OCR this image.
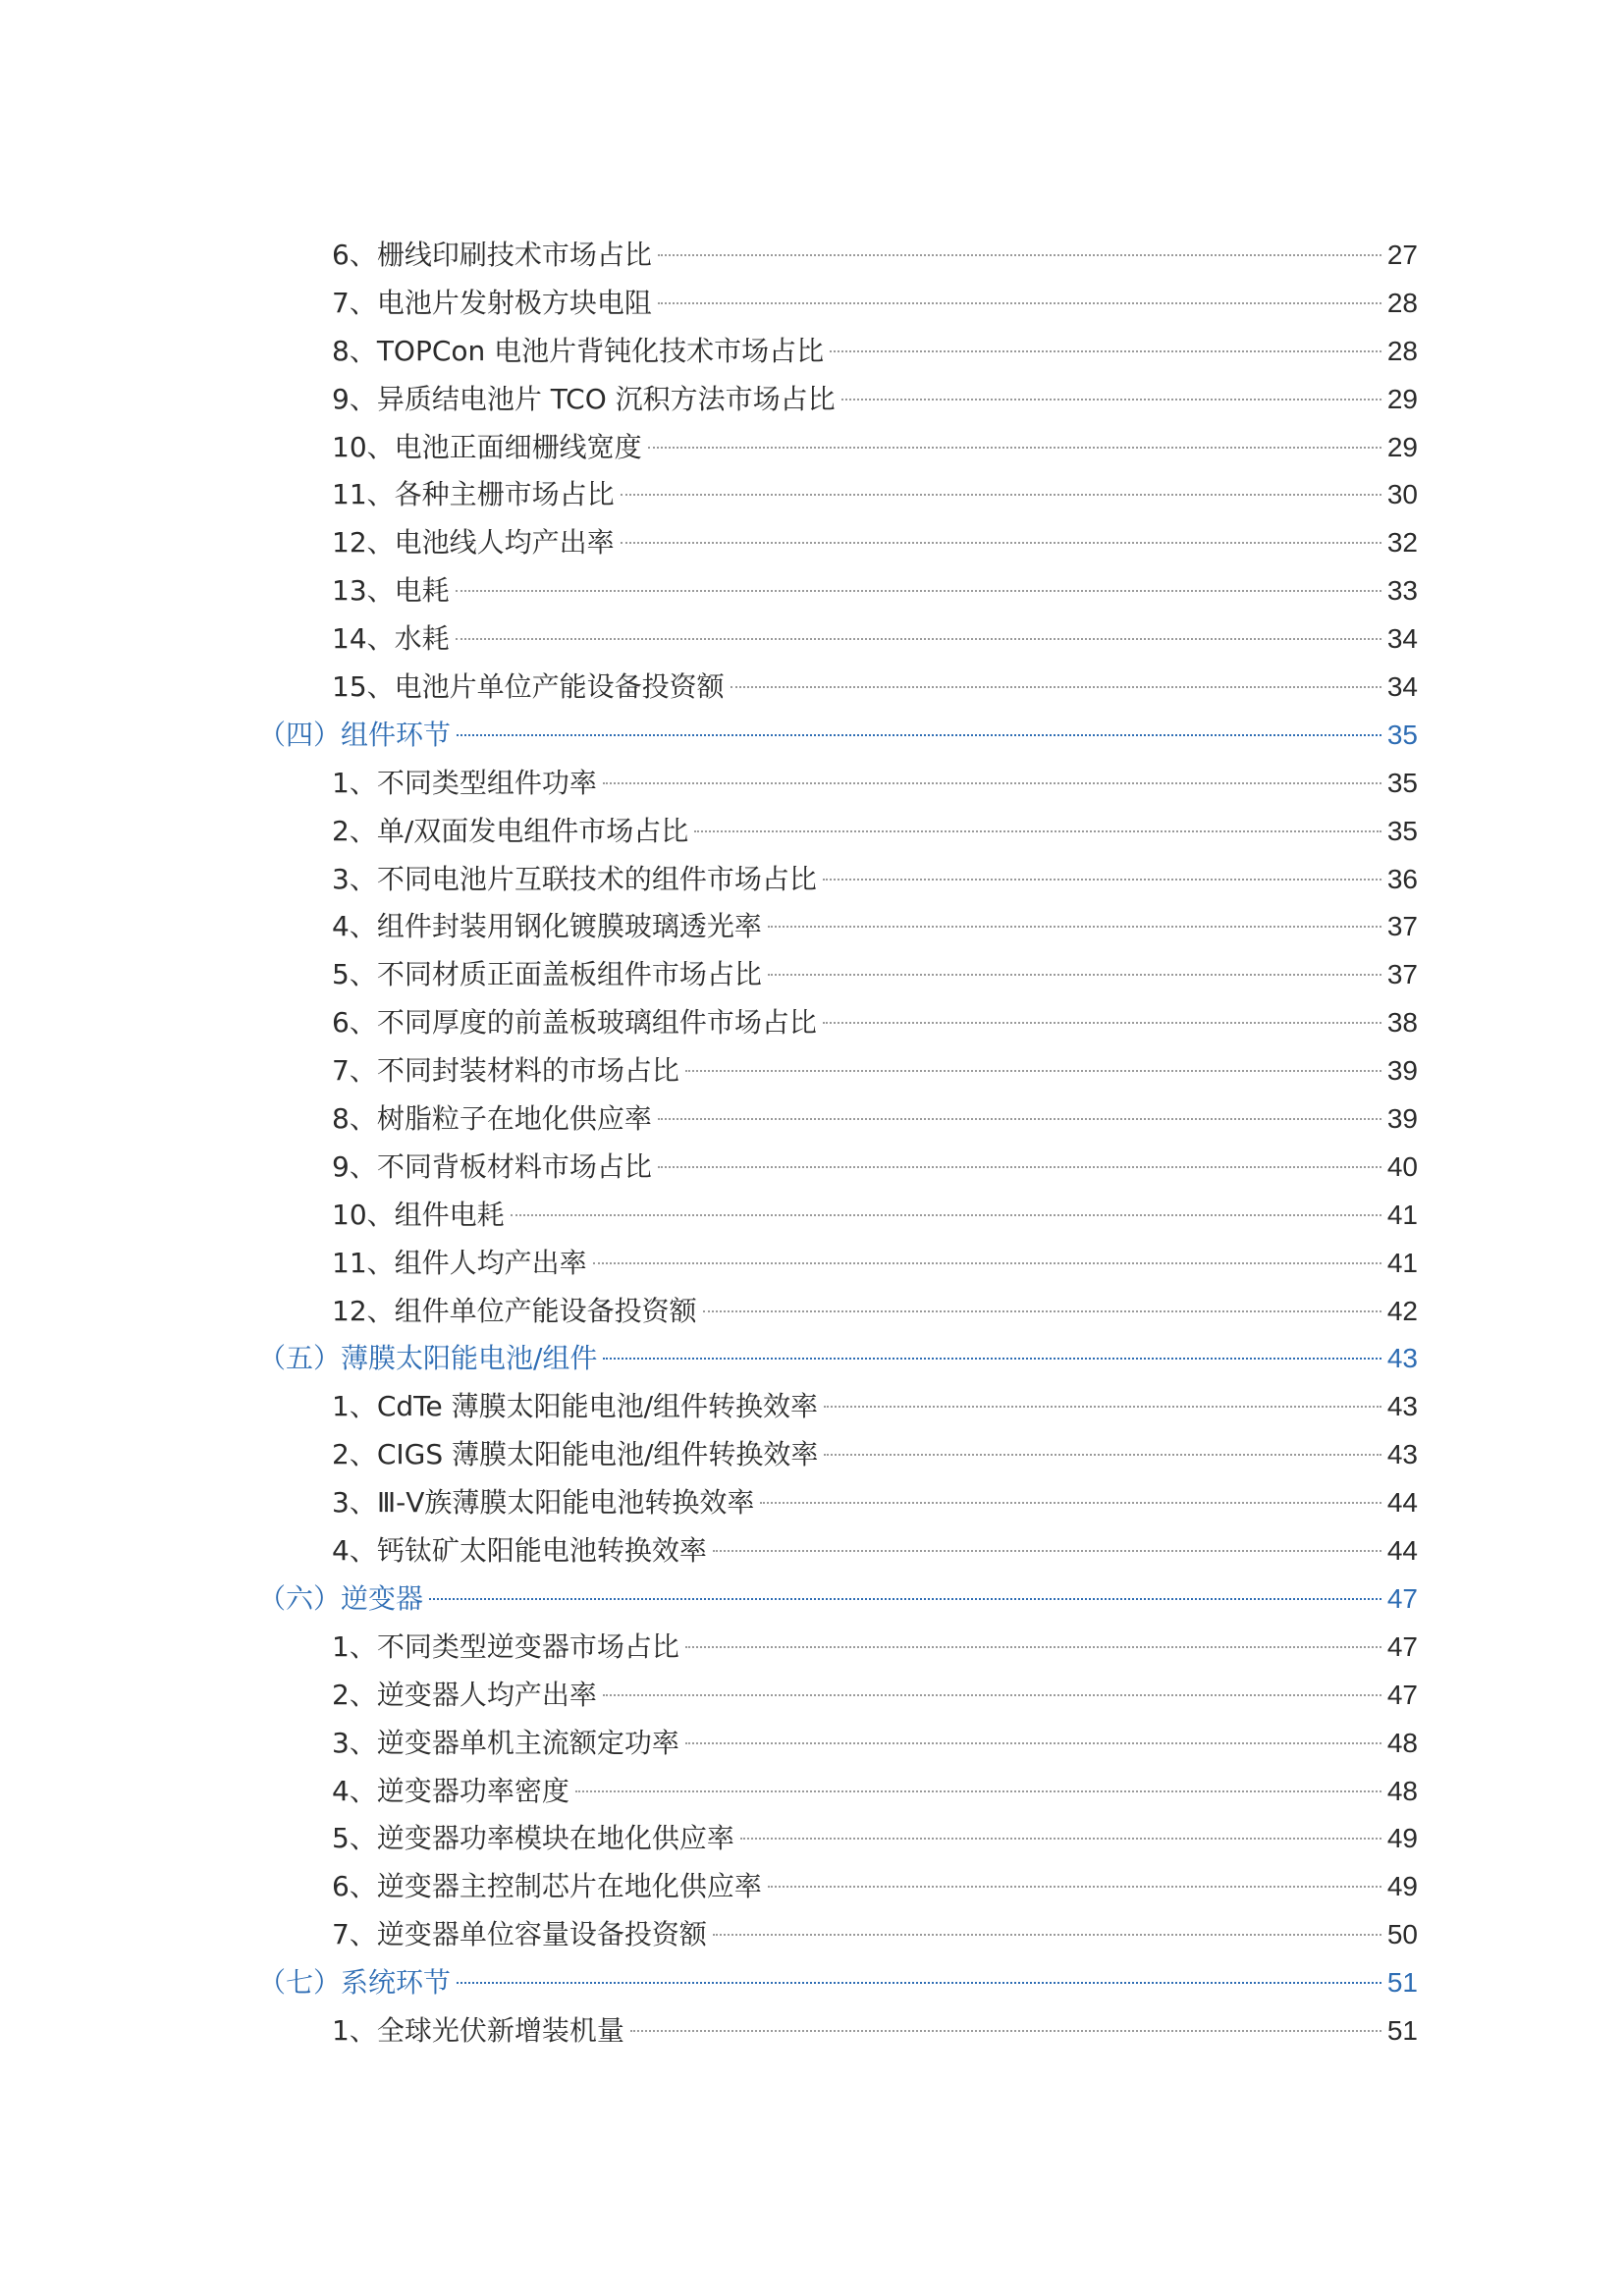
6、栅线印刷技术市场占比	27
7、电池片发射极方块电阻	28
8、TOPCon 电池片背钝化技术市场占比	28
9、异质结电池片 TCO 沉积方法市场占比	29
10、电池正面细栅线宽度	29
11、各种主栅市场占比	30
12、电池线人均产出率	32
13、电耗	33
14、水耗	34
15、电池片单位产能设备投资额	34
（四）组件环节	35
1、不同类型组件功率	35
2、单/双面发电组件市场占比	35
3、不同电池片互联技术的组件市场占比	36
4、组件封装用钢化镀膜玻璃透光率	37
5、不同材质正面盖板组件市场占比	37
6、不同厚度的前盖板玻璃组件市场占比	38
7、不同封装材料的市场占比	39
8、树脂粒子在地化供应率	39
9、不同背板材料市场占比	40
10、组件电耗	41
11、组件人均产出率	41
12、组件单位产能设备投资额	42
（五）薄膜太阳能电池/组件	43
1、CdTe 薄膜太阳能电池/组件转换效率	43
2、CIGS 薄膜太阳能电池/组件转换效率	43
3、Ⅲ-Ⅴ族薄膜太阳能电池转换效率	44
4、钙钛矿太阳能电池转换效率	44
（六）逆变器	47
1、不同类型逆变器市场占比	47
2、逆变器人均产出率	47
3、逆变器单机主流额定功率	48
4、逆变器功率密度	48
5、逆变器功率模块在地化供应率	49
6、逆变器主控制芯片在地化供应率	49
7、逆变器单位容量设备投资额	50
（七）系统环节	51
1、全球光伏新增装机量	51
